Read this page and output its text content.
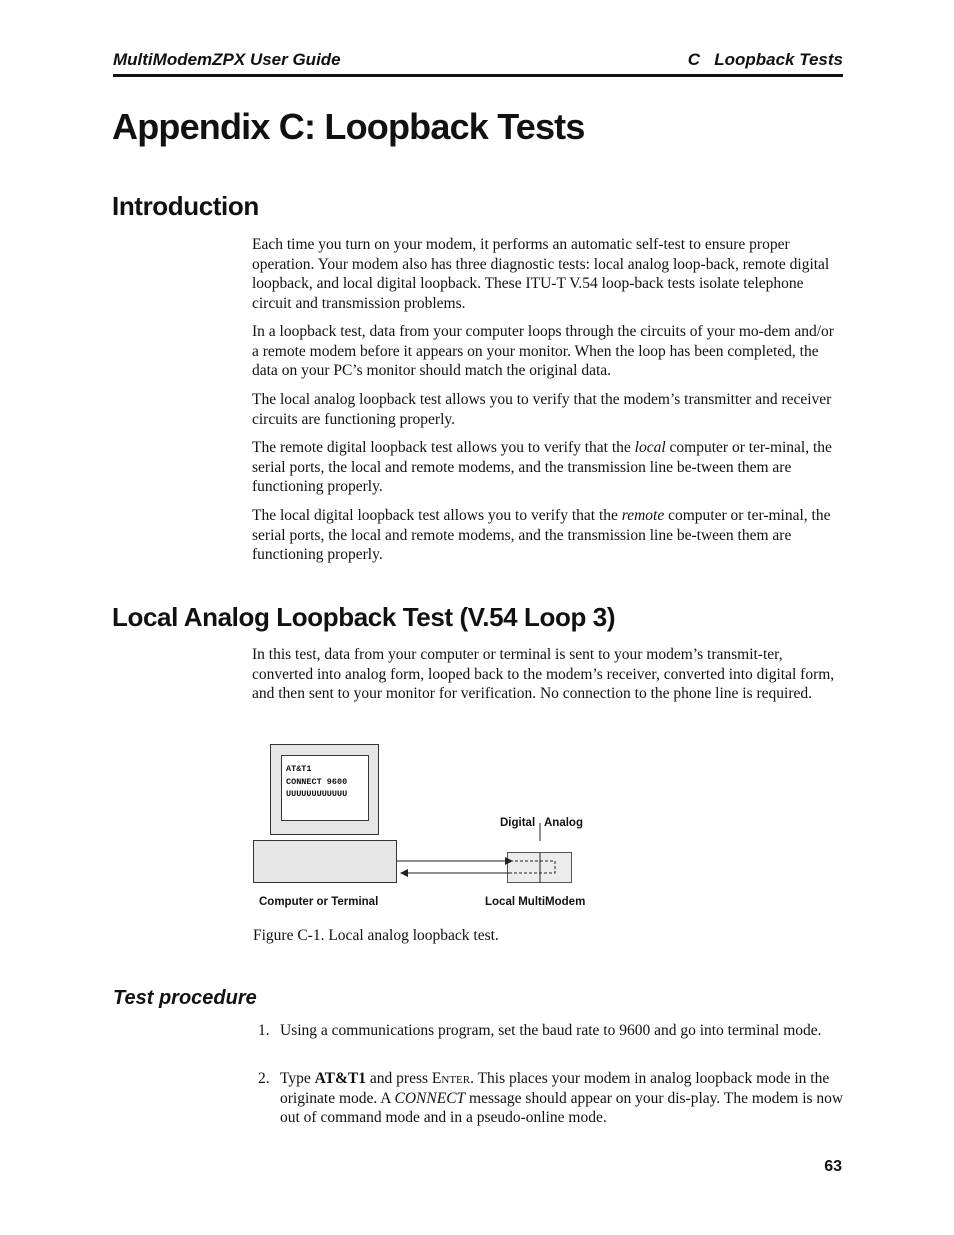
MultiModemZPX User Guide	C   Loopback Tests
Appendix C: Loopback Tests
Introduction

Each time you turn on your modem, it performs an automatic self-test to ensure proper operation. Your modem also has three diagnostic tests: local analog loop-back, remote digital loopback, and local digital loopback. These ITU-T V.54 loop-back tests isolate telephone circuit and transmission problems.

In a loopback test, data from your computer loops through the circuits of your mo-dem and/or a remote modem before it appears on your monitor. When the loop has been completed, the data on your PC’s monitor should match the original data.

The local analog loopback test allows you to verify that the modem’s transmitter and receiver circuits are functioning properly.

The remote digital loopback test allows you to verify that the local computer or ter-minal, the serial ports, the local and remote modems, and the transmission line be-tween them are functioning properly.

The local digital loopback test allows you to verify that the remote computer or ter-minal, the serial ports, the local and remote modems, and the transmission line be-tween them are functioning properly.

Local Analog Loopback Test (V.54 Loop 3)

In this test, data from your computer or terminal is sent to your modem’s transmit-ter, converted into analog form, looped back to the modem’s receiver, converted into digital form, and then sent to your monitor for verification. No connection to the phone line is required.

AT&T1
CONNECT 9600
UUUUUUUUUUUU
Digital Analog
Computer or Terminal	Local MultiModem
Figure C-1. Local analog loopback test.
Test procedure
1. Using a communications program, set the baud rate to 9600 and go into terminal mode.
2. Type AT&T1 and press Enter. This places your modem in analog loopback mode in the originate mode. A CONNECT message should appear on your dis-play. The modem is now out of command mode and in a pseudo-online mode.
63
